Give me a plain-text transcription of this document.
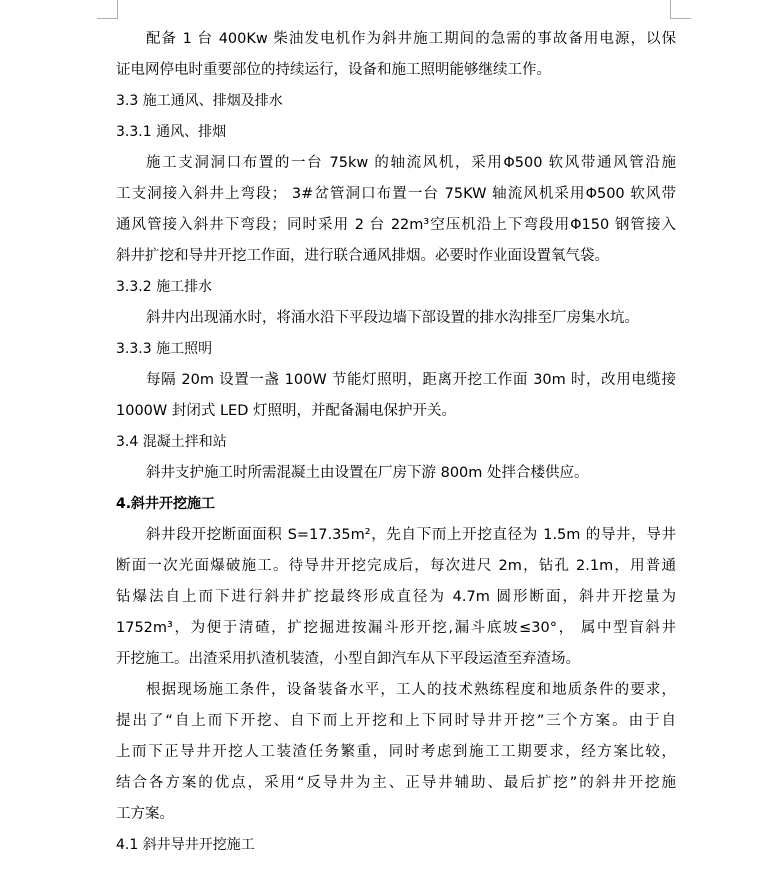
配备 1 台 400Kw 柴油发电机作为斜井施工期间的急需的事故备用电源，以保
证电网停电时重要部位的持续运行，设备和施工照明能够继续工作。
3.3 施工通风、排烟及排水
3.3.1 通风、排烟
施工支洞洞口布置的一台 75kw 的轴流风机，采用Φ500 软风带通风管沿施
工支洞接入斜井上弯段； 3#岔管洞口布置一台 75KW 轴流风机采用Φ500 软风带
通风管接入斜井下弯段；同时采用 2 台 22m³空压机沿上下弯段用Φ150 钢管接入
斜井扩挖和导井开挖工作面，进行联合通风排烟。必要时作业面设置氧气袋。
3.3.2 施工排水
斜井内出现涌水时，将涌水沿下平段边墙下部设置的排水沟排至厂房集水坑。
3.3.3 施工照明
每隔 20m 设置一盏 100W 节能灯照明，距离开挖工作面 30m 时，改用电缆接
1000W 封闭式 LED 灯照明，并配备漏电保护开关。
3.4 混凝土拌和站
斜井支护施工时所需混凝土由设置在厂房下游 800m 处拌合楼供应。
4.斜井开挖施工
斜井段开挖断面面积 S=17.35m²，先自下而上开挖直径为 1.5m 的导井，导井
断面一次光面爆破施工。待导井开挖完成后，每次进尺 2m，钻孔 2.1m，用普通
钻爆法自上而下进行斜井扩挖最终形成直径为 4.7m 圆形断面，斜井开挖量为
1752m³，为便于清碴，扩挖掘进按漏斗形开挖,漏斗底坡≤30°， 属中型盲斜井
开挖施工。出渣采用扒渣机装渣，小型自卸汽车从下平段运渣至弃渣场。
根据现场施工条件，设备装备水平，工人的技术熟练程度和地质条件的要求，
提出了“自上而下开挖、自下而上开挖和上下同时导井开挖”三个方案。由于自
上而下正导井开挖人工装渣任务繁重，同时考虑到施工工期要求，经方案比较，
结合各方案的优点，采用“反导井为主、正导井辅助、最后扩挖”的斜井开挖施
工方案。
4.1 斜井导井开挖施工
